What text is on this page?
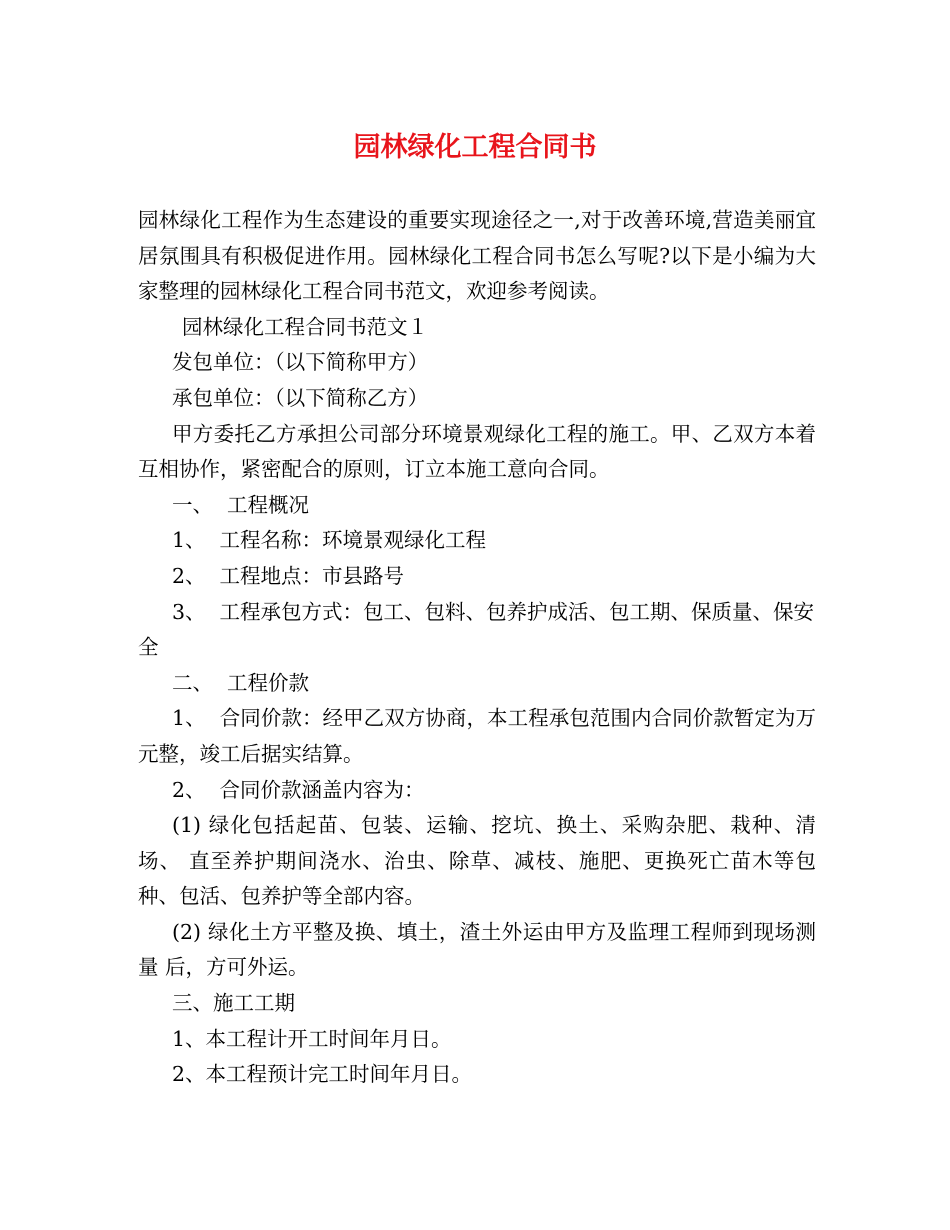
园林绿化工程合同书

园林绿化工程作为生态建设的重要实现途径之一,对于改善环境,营造美丽宜居氛围具有积极促进作用。园林绿化工程合同书怎么写呢?以下是小编为大家整理的园林绿化工程合同书范文，欢迎参考阅读。

园林绿化工程合同书范文１

发包单位：（以下简称甲方）

承包单位：（以下简称乙方）

甲方委托乙方承担公司部分环境景观绿化工程的施工。甲、乙双方本着互相协作，紧密配合的原则，订立本施工意向合同。

一、 工程概况

1、 工程名称：环境景观绿化工程

2、 工程地点：市县路号

3、 工程承包方式：包工、包料、包养护成活、包工期、保质量、保安全

二、 工程价款

1、 合同价款：经甲乙双方协商，本工程承包范围内合同价款暂定为万 元整，竣工后据实结算。

2、 合同价款涵盖内容为：

(1) 绿化包括起苗、包装、运输、挖坑、换土、采购杂肥、栽种、清场、 直至养护期间浇水、治虫、除草、减枝、施肥、更换死亡苗木等包种、包活、包养护等全部内容。

(2) 绿化土方平整及换、填土，渣土外运由甲方及监理工程师到现场测量 后，方可外运。

三、施工工期

1、本工程计开工时间年月日。

2、本工程预计完工时间年月日。
